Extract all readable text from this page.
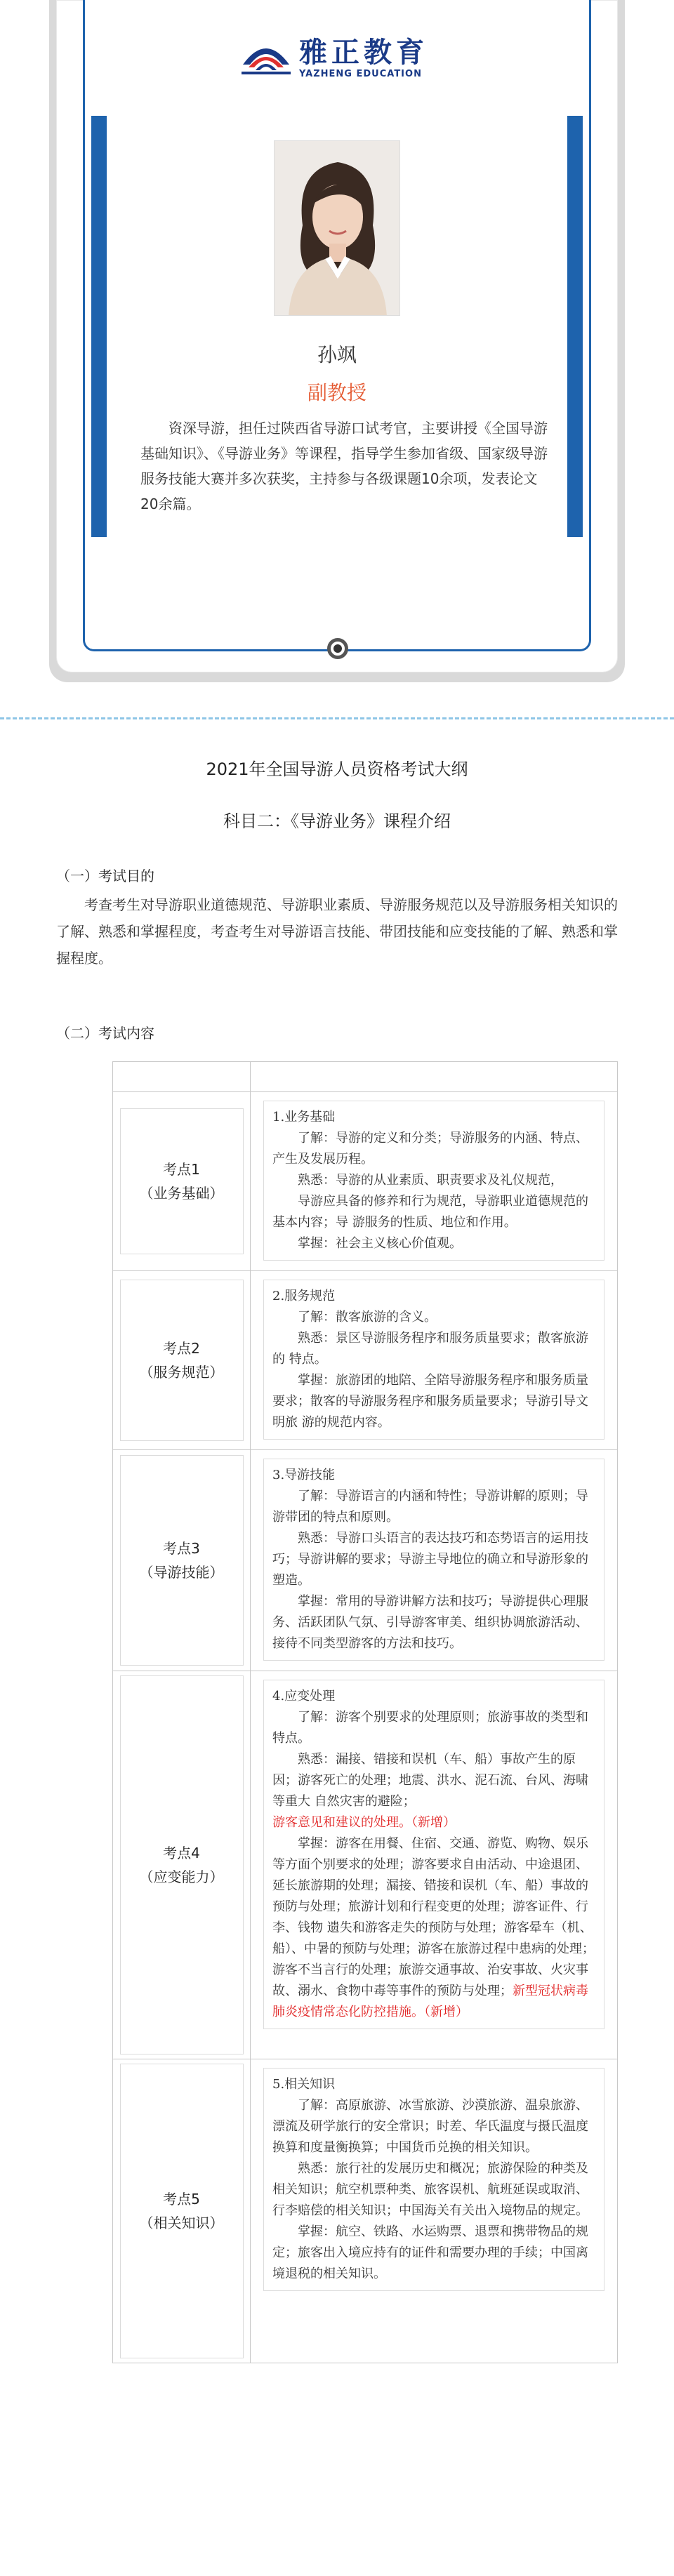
雅正教育
YAZHENG EDUCATION
孙飒
副教授
资深导游，担任过陕西省导游口试考官，主要讲授《全国导游基础知识》、《导游业务》等课程，指导学生参加省级、国家级导游服务技能大赛并多次获奖，主持参与各级课题10余项，发表论文20余篇。
2021年全国导游人员资格考试大纲
科目二：《导游业务》课程介绍
（一）考试目的
考查考生对导游职业道德规范、导游职业素质、导游服务规范以及导游服务相关知识的了解、熟悉和掌握程度，考查考生对导游语言技能、带团技能和应变技能的了解、熟悉和掌握程度。
（二）考试内容
考点1
（业务基础）
1.业务基础
了解：导游的定义和分类；导游服务的内涵、特点、产生及发展历程。
熟悉：导游的从业素质、职责要求及礼仪规范，
导游应具备的修养和行为规范，导游职业道德规范的基本内容；导 游服务的性质、地位和作用。
掌握：社会主义核心价值观。
考点2
（服务规范）
2.服务规范
了解：散客旅游的含义。
熟悉：景区导游服务程序和服务质量要求；散客旅游的 特点。
掌握：旅游团的地陪、全陪导游服务程序和服务质量要求；散客的导游服务程序和服务质量要求；导游引导文明旅 游的规范内容。
考点3
（导游技能）
3.导游技能
了解：导游语言的内涵和特性；导游讲解的原则；导游带团的特点和原则。
熟悉：导游口头语言的表达技巧和态势语言的运用技巧；导游讲解的要求；导游主导地位的确立和导游形象的塑造。
掌握：常用的导游讲解方法和技巧；导游提供心理服务、活跃团队气氛、引导游客审美、组织协调旅游活动、接待不同类型游客的方法和技巧。
考点4
（应变能力）
4.应变处理
了解：游客个别要求的处理原则；旅游事故的类型和特点。
熟悉：漏接、错接和误机（车、船）事故产生的原因；游客死亡的处理；地震、洪水、泥石流、台风、海啸等重大 自然灾害的避险；游客意见和建议的处理。（新增）
掌握：游客在用餐、住宿、交通、游览、购物、娱乐等方面个别要求的处理；游客要求自由活动、中途退团、延长旅游期的处理；漏接、错接和误机（车、船）事故的预防与处理；旅游计划和行程变更的处理；游客证件、行李、钱物 遗失和游客走失的预防与处理；游客晕车（机、船）、中暑的预防与处理；游客在旅游过程中患病的处理；游客不当言行的处理；旅游交通事故、治安事故、火灾事故、溺水、食物中毒等事件的预防与处理；新型冠状病毒肺炎疫情常态化防控措施。（新增）
考点5
（相关知识）
5.相关知识
了解：高原旅游、冰雪旅游、沙漠旅游、温泉旅游、漂流及研学旅行的安全常识；时差、华氏温度与摄氏温度换算和度量衡换算；中国货币兑换的相关知识。
熟悉：旅行社的发展历史和概况；旅游保险的种类及相关知识；航空机票种类、旅客误机、航班延误或取消、行李赔偿的相关知识；中国海关有关出入境物品的规定。
掌握：航空、铁路、水运购票、退票和携带物品的规定；旅客出入境应持有的证件和需要办理的手续；中国离境退税的相关知识。
